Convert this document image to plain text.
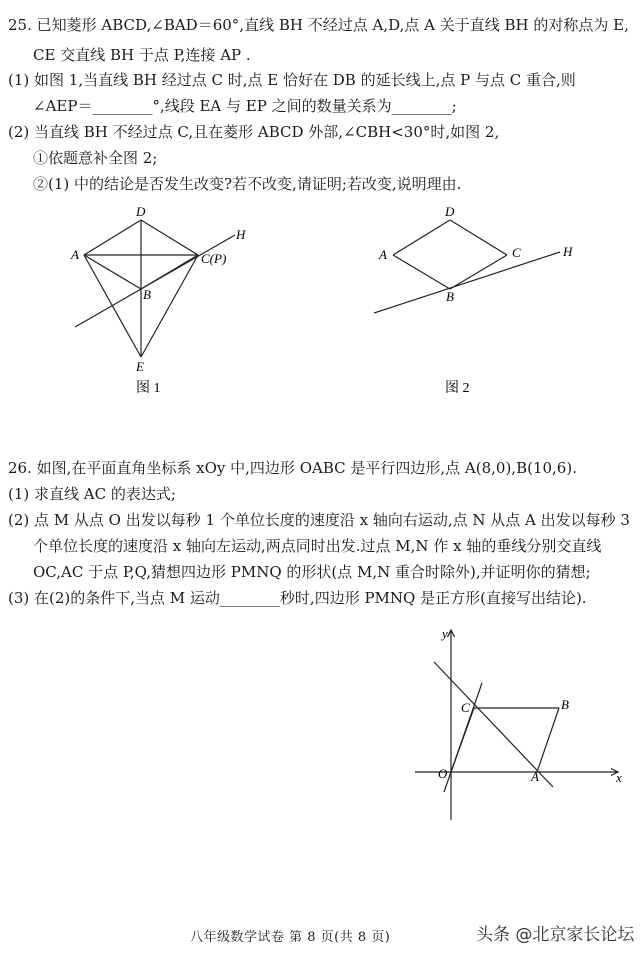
25. 已知菱形 ABCD,∠BAD＝60°,直线 BH 不经过点 A,D,点 A 关于直线 BH 的对称点为 E,
CE 交直线 BH 于点 P,连接 AP .
(1) 如图 1,当直线 BH 经过点 C 时,点 E 恰好在 DB 的延长线上,点 P 与点 C 重合,则
∠AEP＝________°,线段 EA 与 EP 之间的数量关系为________;
(2) 当直线 BH 不经过点 C,且在菱形 ABCD 外部,∠CBH<30°时,如图 2,
①依题意补全图 2;
②(1) 中的结论是否发生改变?若不改变,请证明;若改变,说明理由.
D
A	C(P)
H
B
E
图 1
D
A	C	H
B
图 2
26. 如图,在平面直角坐标系 xOy 中,四边形 OABC 是平行四边形,点 A(8,0),B(10,6).
(1) 求直线 AC 的表达式;
(2) 点 M 从点 O 出发以每秒 1 个单位长度的速度沿 x 轴向右运动,点 N 从点 A 出发以每秒 3
个单位长度的速度沿 x 轴向左运动,两点同时出发.过点 M,N 作 x 轴的垂线分别交直线
OC,AC 于点 P,Q,猜想四边形 PMNQ 的形状(点 M,N 重合时除外),并证明你的猜想;
(3) 在(2)的条件下,当点 M 运动________秒时,四边形 PMNQ 是正方形(直接写出结论).
y
x
O	A
B
C
八年级数学试卷 第 8 页(共 8 页)	头条 @北京家长论坛
